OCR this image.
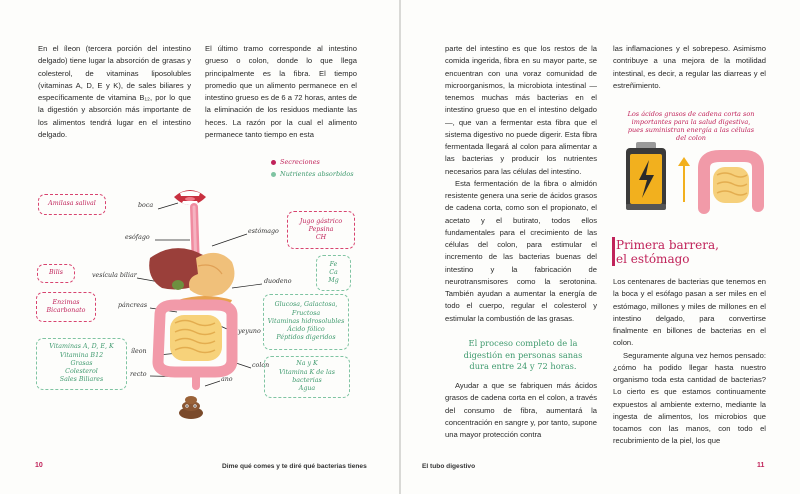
En el íleon (tercera porción del intestino delgado) tiene lugar la absorción de grasas y colesterol, de vitaminas liposolubles (vitaminas A, D, E y K), de sales biliares y específicamente de vitamina B₁₂, por lo que la digestión y absorción más importante de los alimentos tendrá lugar en el intestino delgado.

El último tramo corresponde al intestino grueso o colon, donde lo que llega principalmente es la fibra. El tiempo promedio que un alimento permanece en el intestino grueso es de 6 a 72 horas, antes de la eliminación de los residuos mediante las heces. La razón por la cual el alimento permanece tanto tiempo en esta

Secreciones
Nutrientes absorbidos
boca
esófago
estómago
vesícula biliar
duodeno
páncreas
yeyuno
íleon
colon
recto
ano
Amilasa salival
Jugo gástrico
Pepsina
CH
Fe
Ca
Mg
Bilis
Enzimas
Bicarbonato
Glucosa, Galactosa,
Fructosa
Vitaminas hidrosolubles
Ácido fólico
Péptidos digeridos
Vitaminas A, D, E, K
Vitamina B12
Grasas
Colesterol
Sales Biliares
Na y K
Vitamina K de las
bacterias
Agua
10	Dime qué comes y te diré qué bacterias tienes

parte del intestino es que los restos de la comida ingerida, fibra en su mayor parte, se encuentran con una voraz comunidad de microorganismos, la microbiota intestinal —tenemos muchas más bacterias en el intestino grueso que en el intestino delgado—, que van a fermentar esta fibra que el sistema digestivo no puede digerir. Esta fibra fermentada llegará al colon para alimentar a las bacterias y producir los nutrientes necesarios para las células del intestino.

Esta fermentación de la fibra o almidón resistente genera una serie de ácidos grasos de cadena corta, como son el propionato, el acetato y el butirato, todos ellos fundamentales para el crecimiento de las células del colon, para estimular el incremento de las bacterias buenas del intestino y la fabricación de neurotransmisores como la serotonina. También ayudan a aumentar la energía de todo el cuerpo, regular el colesterol y estimular la combustión de las grasas.

El proceso completo de la digestión en personas sanas dura entre 24 y 72 horas.

Ayudar a que se fabriquen más ácidos grasos de cadena corta en el colon, a través del consumo de fibra, aumentará la concentración en sangre y, por tanto, supone una mayor protección contra

las inflamaciones y el sobrepeso. Asimismo contribuye a una mejora de la motilidad intestinal, es decir, a regular las diarreas y el estreñimiento.

Los ácidos grasos de cadena corta son importantes para la salud digestiva, pues suministran energía a las células del colon
Primera barrera,
el estómago

Los centenares de bacterias que tenemos en la boca y el esófago pasan a ser miles en el estómago, millones y miles de millones en el intestino delgado, para convertirse finalmente en billones de bacterias en el colon.

Seguramente alguna vez hemos pensado: ¿cómo ha podido llegar hasta nuestro organismo toda esta cantidad de bacterias? Lo cierto es que estamos continuamente expuestos al ambiente externo, mediante la ingesta de alimentos, los microbios que tocamos con las manos, con todo el recubrimiento de la piel, los que

El tubo digestivo	11
